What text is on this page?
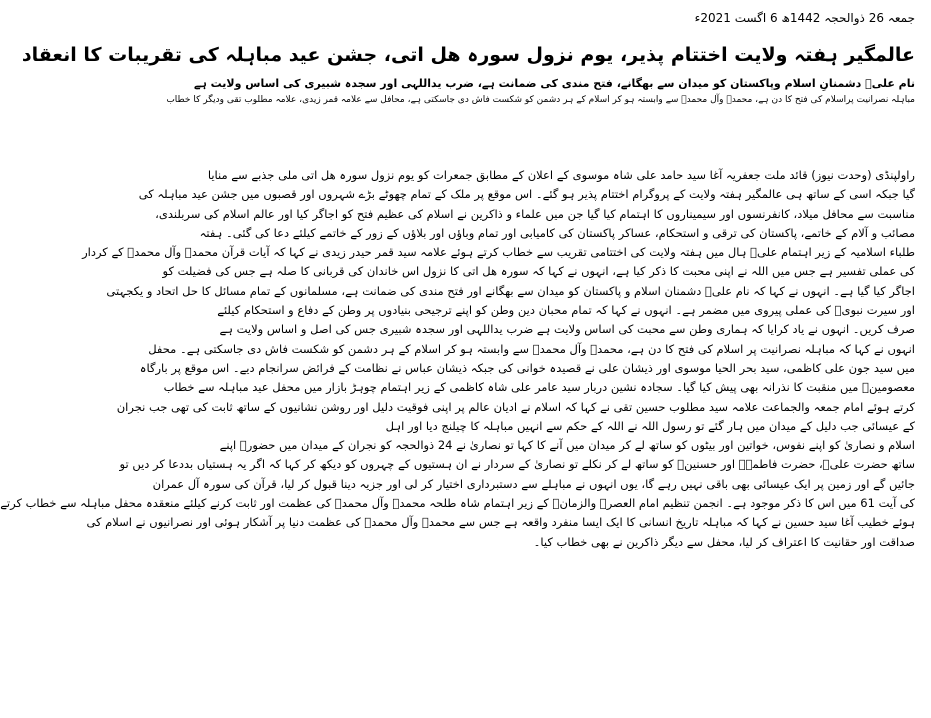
جمعہ 26 ذوالحجہ 1442ھ 6 اگست 2021ء
عالمگیر ہفتہ ولایت اختتام پذیر، یوم نزول سورہ ھل اتی، جشن عید مباہلہ کی تقریبات کا انعقاد
نام علیؑ دشمنانِ اسلام وپاکستان کو میدان سے بھگانے، فتح مندی کی ضمانت ہے، ضرب یداللہی اور سجدہ شبیری کی اساس ولایت ہے
مباہلہ نصرانیت پراسلام کی فتح کا دن ہے، محمدؐ وآل محمدؑ سے وابستہ ہو کر اسلام کے ہر دشمن کو شکست فاش دی جاسکتی ہے، محافل سے علامہ قمر زیدی، علامہ مطلوب تقی ودیگر کا خطاب
راولپنڈی (وحدت نیوز) قائد ملت جعفریہ آغا سید حامد علی شاہ موسوی کے اعلان کے مطابق جمعرات کو یوم نزول سورہ ھل اتی ملی جذبے سے منایا
گیا جبکہ اسی کے ساتھ ہی عالمگیر ہفتہ ولایت کے پروگرام اختتام پذیر ہو گئے۔ اس موقع پر ملک کے تمام چھوٹے بڑے شہروں اور قصبوں میں جشن عید مباہلہ کی
مناسبت سے محافل میلاد، کانفرنسوں اور سیمیناروں کا اہتمام کیا گیا جن میں علماء و ذاکرین نے اسلام کی عظیم فتح کو اجاگر کیا اور عالم اسلام کی سربلندی،
مصائب و آلام کے خاتمے، پاکستان کی ترقی و استحکام، عساکر پاکستان کی کامیابی اور تمام وباؤں اور بلاؤں کے زور کے خاتمے کیلئے دعا کی گئی۔ ہفتہ
طلباء اسلامیہ کے زیر اہتمام علیؑ ہال میں ہفتہ ولایت کی اختتامی تقریب سے خطاب کرتے ہوئے علامہ سید قمر حیدر زیدی نے کہا کہ آیات قرآن محمدؐ وآل محمدؑ کے کردار
کی عملی تفسیر ہے جس میں اللہ نے اپنی محبت کا ذکر کیا ہے، انہوں نے کہا کہ سورہ ھل اتی کا نزول اس خاندان کی قربانی کا صلہ ہے جس کی فضیلت کو
اجاگر کیا گیا ہے۔ انہوں نے کہا کہ نام علیؑ دشمنان اسلام و پاکستان کو میدان سے بھگانے اور فتح مندی کی ضمانت ہے، مسلمانوں کے تمام مسائل کا حل اتحاد و یکجہتی
اور سیرت نبویؐ کی عملی پیروی میں مضمر ہے۔ انہوں نے کہا کہ تمام محبان دین وطن کو اپنے ترجیحی بنیادوں پر وطن کے دفاع و استحکام کیلئے
صرف کریں۔ انہوں نے یاد کرایا کہ ہماری وطن سے محبت کی اساس ولایت ہے ضرب یداللہی اور سجدہ شبیری جس کی اصل و اساس ولایت ہے
انہوں نے کہا کہ مباہلہ نصرانیت پر اسلام کی فتح کا دن ہے، محمدؐ وآل محمدؑ سے وابستہ ہو کر اسلام کے ہر دشمن کو شکست فاش دی جاسکتی ہے۔ محفل
میں سید جون علی کاظمی، سید بحر الحیا موسوی اور ذیشان علی نے قصیدہ خوانی کی جبکہ ذیشان عباس نے نظامت کے فرائض سرانجام دیے۔ اس موقع پر بارگاہ
معصومینؑ میں منقبت کا نذرانہ بھی پیش کیا گیا۔ سجادہ نشین دربار سید عامر علی شاہ کاظمی کے زیر اہتمام چوہڑ بازار میں محفل عید مباہلہ سے خطاب
کرتے ہوئے امام جمعہ والجماعت علامہ سید مطلوب حسین تقی نے کہا کہ اسلام نے ادیان عالم پر اپنی فوقیت دلیل اور روشن نشانیوں کے ساتھ ثابت کی تھی جب نجران
کے عیسائی جب دلیل کے میدان میں ہار گئے تو رسول اللہ نے اللہ کے حکم سے انہیں مباہلہ کا چیلنج دیا اور اہل
اسلام و نصاریٰ کو اپنے نفوس، خواتین اور بیٹوں کو ساتھ لے کر میدان میں آنے کا کہا تو نصاریٰ نے 24 ذوالحجہ کو نجران کے میدان میں حضورؐ اپنے
ساتھ حضرت علیؑ، حضرت فاطمہؑ اور حسنینؑ کو ساتھ لے کر نکلے تو نصاریٰ کے سردار نے ان ہستیوں کے چہروں کو دیکھ کر کہا کہ اگر یہ ہستیاں بددعا کر دیں تو
جائیں گے اور زمین پر ایک عیسائی بھی باقی نہیں رہے گا، یوں انہوں نے مباہلے سے دستبرداری اختیار کر لی اور جزیہ دینا قبول کر لیا، قرآن کی سورہ آل عمران
کی آیت 61 میں اس کا ذکر موجود ہے۔ انجمن تنظیم امام العصرؑ والزمانؑ کے زیر اہتمام شاہ طلحہ محمدؐ وآل محمدؑ کی عظمت اور ثابت کرنے کیلئے منعقدہ محفل مباہلہ سے خطاب کرتے
ہوئے خطیب آغا سید حسین نے کہا کہ مباہلہ تاریخ انسانی کا ایک ایسا منفرد واقعہ ہے جس سے محمدؐ وآل محمدؑ کی عظمت دنیا پر آشکار ہوئی اور نصرانیوں نے اسلام کی
صداقت اور حقانیت کا اعتراف کر لیا، محفل سے دیگر ذاکرین نے بھی خطاب کیا۔
